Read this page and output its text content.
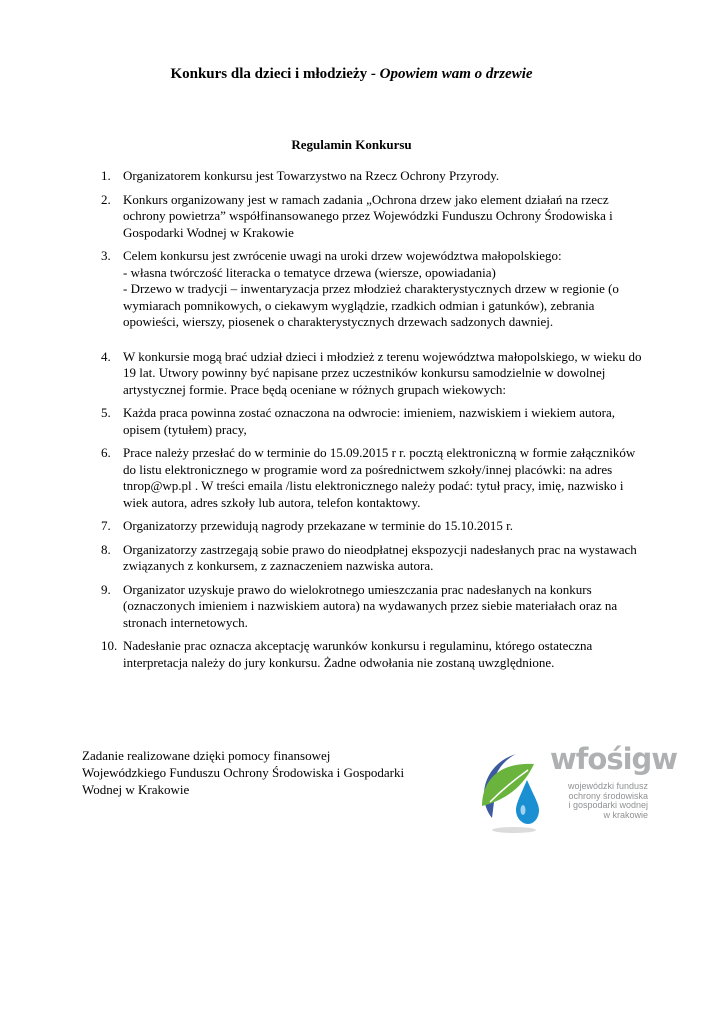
Konkurs dla dzieci i młodzieży - Opowiem wam o drzewie
Regulamin Konkursu
1. Organizatorem konkursu jest Towarzystwo na Rzecz Ochrony Przyrody.
2. Konkurs organizowany jest w ramach zadania „Ochrona drzew jako element działań na rzecz
ochrony powietrza” współfinansowanego przez Wojewódzki Funduszu Ochrony Środowiska i
Gospodarki Wodnej w Krakowie
3. Celem konkursu jest zwrócenie uwagi na uroki drzew województwa małopolskiego:
- własna twórczość literacka o tematyce drzewa (wiersze, opowiadania)
- Drzewo w tradycji – inwentaryzacja przez młodzież charakterystycznych drzew w regionie (o
wymiarach pomnikowych, o ciekawym wyglądzie, rzadkich odmian i gatunków), zebrania
opowieści, wierszy, piosenek o charakterystycznych drzewach sadzonych dawniej.
4. W konkursie mogą brać udział dzieci i młodzież z terenu województwa małopolskiego, w wieku do
19 lat. Utwory powinny być napisane przez uczestników konkursu samodzielnie w dowolnej
artystycznej formie. Prace będą oceniane w różnych grupach wiekowych:
5. Każda praca powinna zostać oznaczona na odwrocie: imieniem, nazwiskiem i wiekiem autora,
opisem (tytułem) pracy,
6. Prace należy przesłać do w terminie do 15.09.2015 r r. pocztą elektroniczną w formie załączników
do listu elektronicznego w programie word za pośrednictwem szkoły/innej placówki: na adres
tnrop@wp.pl . W treści emaila /listu elektronicznego należy podać: tytuł pracy, imię, nazwisko i
wiek autora, adres szkoły lub autora, telefon kontaktowy.
7. Organizatorzy przewidują nagrody przekazane w terminie do 15.10.2015 r.
8. Organizatorzy zastrzegają sobie prawo do nieodpłatnej ekspozycji nadesłanych prac na wystawach
związanych z konkursem, z zaznaczeniem nazwiska autora.
9. Organizator uzyskuje prawo do wielokrotnego umieszczania prac nadesłanych na konkurs
(oznaczonych imieniem i nazwiskiem autora) na wydawanych przez siebie materiałach oraz na
stronach internetowych.
10. Nadesłanie prac oznacza akceptację warunków konkursu i regulaminu, którego ostateczna
interpretacja należy do jury konkursu. Żadne odwołania nie zostaną uwzględnione.
Zadanie realizowane dzięki pomocy finansowej
Wojewódzkiego Funduszu Ochrony Środowiska i Gospodarki
Wodnej w Krakowie
wfośigw
wojewódzki fundusz
ochrony środowiska
i gospodarki wodnej
w krakowie
